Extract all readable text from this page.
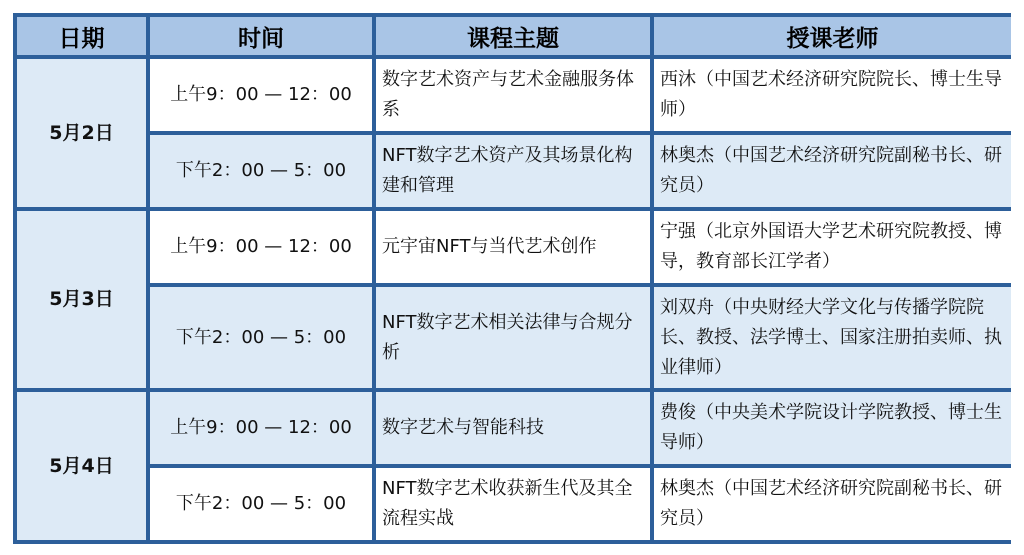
日期	时间	课程主题	授课老师
5月2日	上午9：00 — 12：00	数字艺术资产与艺术金融服务体系	西沐（中国艺术经济研究院院长、博士生导师）
	下午2：00 — 5：00	NFT数字艺术资产及其场景化构建和管理	林奥杰（中国艺术经济研究院副秘书长、研究员）
5月3日	上午9：00 — 12：00	元宇宙NFT与当代艺术创作	宁强（北京外国语大学艺术研究院教授、博导，教育部长江学者）
	下午2：00 — 5：00	NFT数字艺术相关法律与合规分析	刘双舟（中央财经大学文化与传播学院院长、教授、法学博士、国家注册拍卖师、执业律师）
5月4日	上午9：00 — 12：00	数字艺术与智能科技	费俊（中央美术学院设计学院教授、博士生导师）
	下午2：00 — 5：00	NFT数字艺术收获新生代及其全流程实战	林奥杰（中国艺术经济研究院副秘书长、研究员）
